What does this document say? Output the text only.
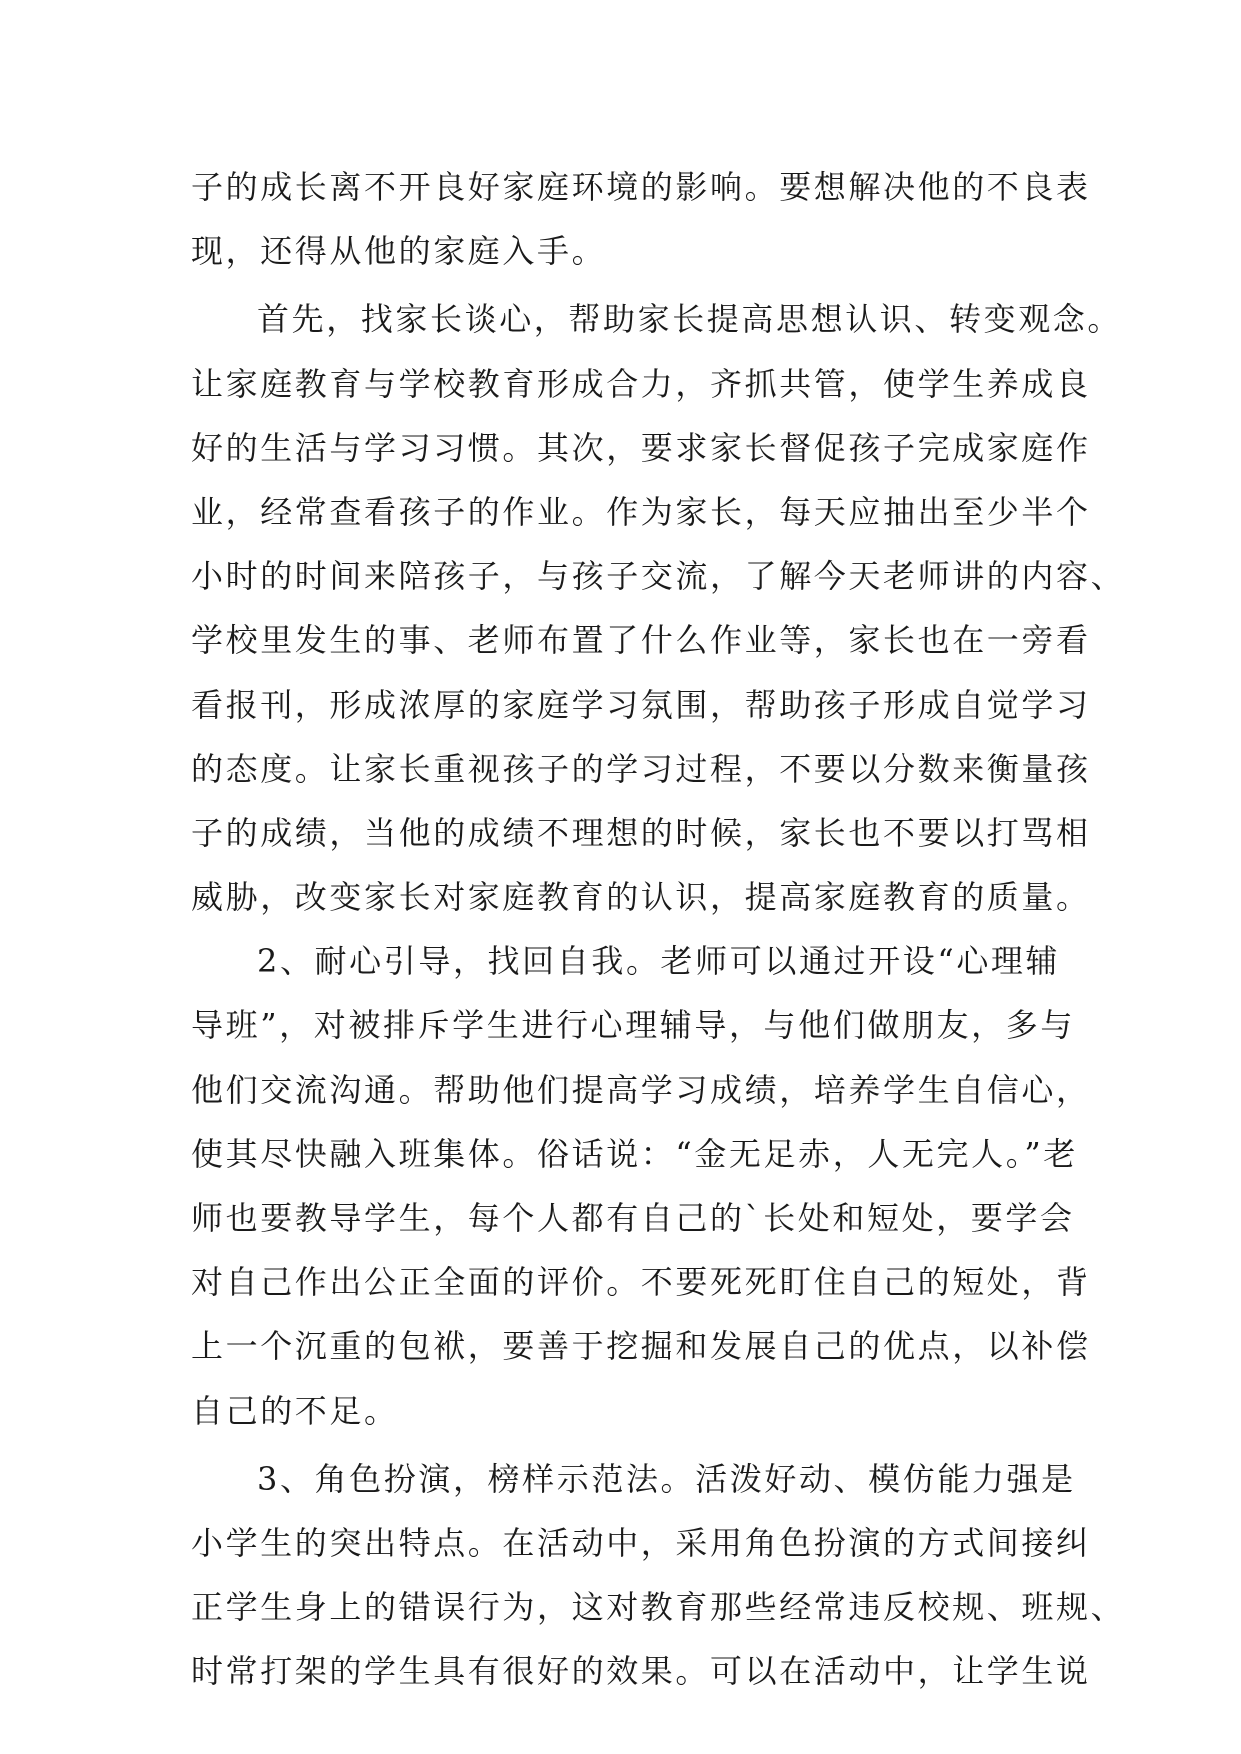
子的成长离不开良好家庭环境的影响。要想解决他的不良表
现，还得从他的家庭入手。
首先，找家长谈心，帮助家长提高思想认识、转变观念。
让家庭教育与学校教育形成合力，齐抓共管，使学生养成良
好的生活与学习习惯。其次，要求家长督促孩子完成家庭作
业，经常查看孩子的作业。作为家长，每天应抽出至少半个
小时的时间来陪孩子，与孩子交流，了解今天老师讲的内容、
学校里发生的事、老师布置了什么作业等，家长也在一旁看
看报刊，形成浓厚的家庭学习氛围，帮助孩子形成自觉学习
的态度。让家长重视孩子的学习过程，不要以分数来衡量孩
子的成绩，当他的成绩不理想的时候，家长也不要以打骂相
威胁，改变家长对家庭教育的认识，提高家庭教育的质量。
2、耐心引导，找回自我。老师可以通过开设“心理辅
导班”，对被排斥学生进行心理辅导，与他们做朋友，多与
他们交流沟通。帮助他们提高学习成绩，培养学生自信心，
使其尽快融入班集体。俗话说：“金无足赤，人无完人。”老
师也要教导学生，每个人都有自己的`长处和短处，要学会
对自己作出公正全面的评价。不要死死盯住自己的短处，背
上一个沉重的包袱，要善于挖掘和发展自己的优点，以补偿
自己的不足。
3、角色扮演，榜样示范法。活泼好动、模仿能力强是
小学生的突出特点。在活动中，采用角色扮演的方式间接纠
正学生身上的错误行为，这对教育那些经常违反校规、班规、
时常打架的学生具有很好的效果。可以在活动中，让学生说
